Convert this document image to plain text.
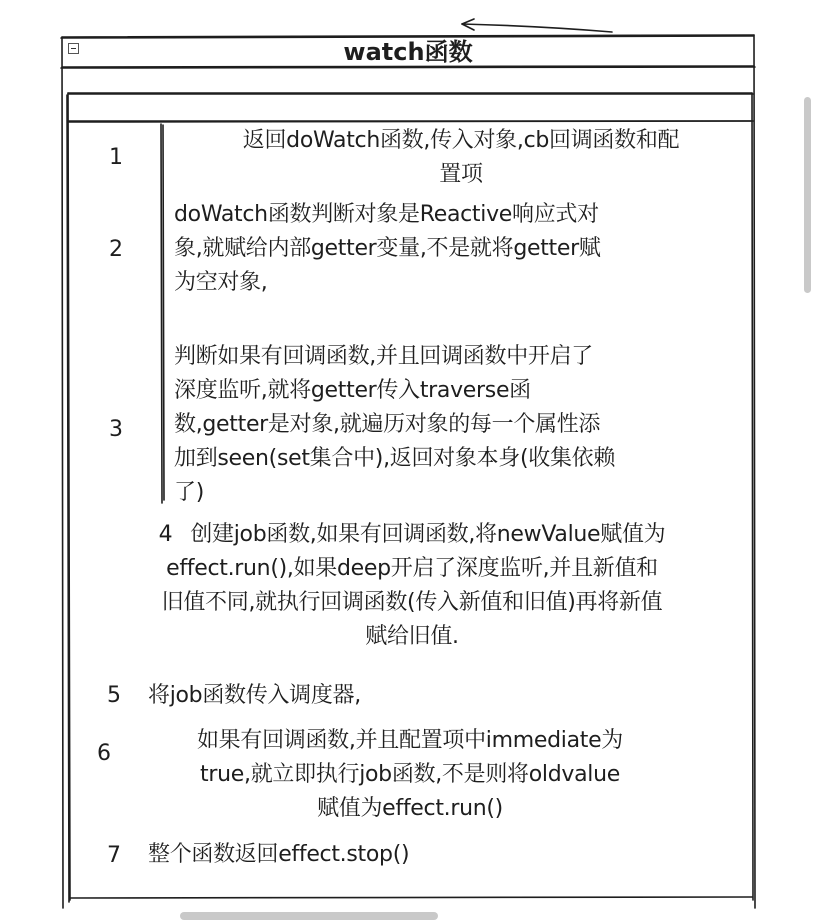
watch函数
1
返回doWatch函数,传入对象,cb回调函数和配
置项
2
doWatch函数判断对象是Reactive响应式对
象,就赋给内部getter变量,不是就将getter赋
为空对象,
3
判断如果有回调函数,并且回调函数中开启了
深度监听,就将getter传入traverse函
数,getter是对象,就遍历对象的每一个属性添
加到seen(set集合中),返回对象本身(收集依赖
了)
4 创建job函数,如果有回调函数,将newValue赋值为
effect.run(),如果deep开启了深度监听,并且新值和
旧值不同,就执行回调函数(传入新值和旧值)再将新值
赋给旧值.
5	将job函数传入调度器,
6
如果有回调函数,并且配置项中immediate为
true,就立即执行job函数,不是则将oldvalue
赋值为effect.run()
7	整个函数返回effect.stop()
